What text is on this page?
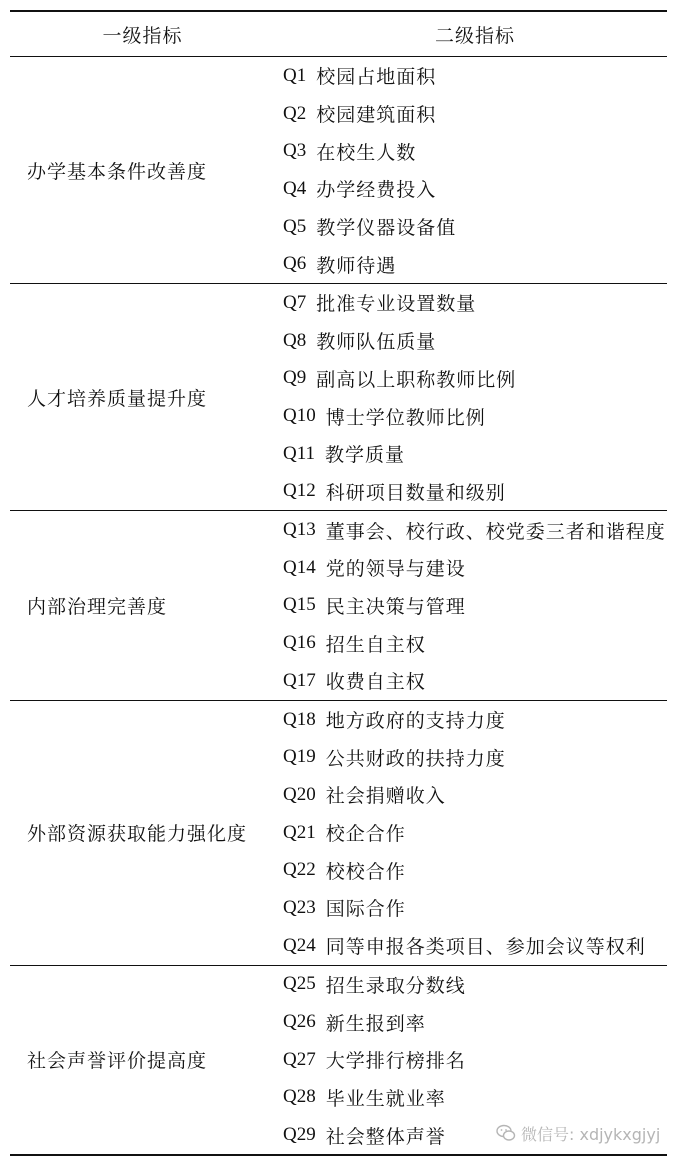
一级指标	二级指标
办学基本条件改善度
Q1 校园占地面积
Q2 校园建筑面积
Q3 在校生人数
Q4 办学经费投入
Q5 教学仪器设备值
Q6 教师待遇
人才培养质量提升度
Q7 批准专业设置数量
Q8 教师队伍质量
Q9 副高以上职称教师比例
Q10 博士学位教师比例
Q11 教学质量
Q12 科研项目数量和级别
内部治理完善度
Q13 董事会、校行政、校党委三者和谐程度
Q14 党的领导与建设
Q15 民主决策与管理
Q16 招生自主权
Q17 收费自主权
外部资源获取能力强化度
Q18 地方政府的支持力度
Q19 公共财政的扶持力度
Q20 社会捐赠收入
Q21 校企合作
Q22 校校合作
Q23 国际合作
Q24 同等申报各类项目、参加会议等权利
社会声誉评价提高度
Q25 招生录取分数线
Q26 新生报到率
Q27 大学排行榜排名
Q28 毕业生就业率
Q29 社会整体声誉	微信号: xdjykxgjyj
